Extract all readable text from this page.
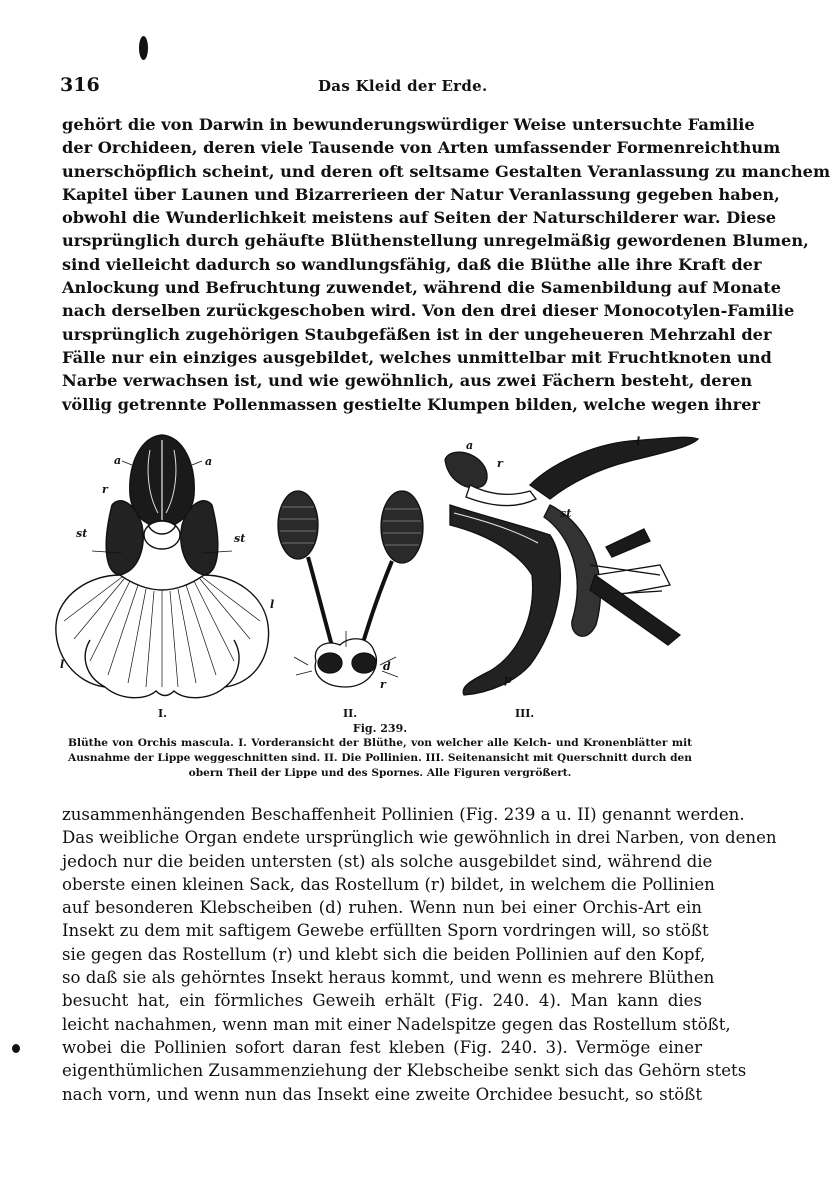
316	Das Kleid der Erde.
gehört die von Darwin in bewunderungswürdiger Weise untersuchte Familie
der Orchideen, deren viele Tausende von Arten umfassender Formenreichthum
unerschöpflich scheint, und deren oft seltsame Gestalten Veranlassung zu manchem
Kapitel über Launen und Bizarrerieen der Natur Veranlassung gegeben haben,
obwohl die Wunderlichkeit meistens auf Seiten der Naturschilderer war. Diese
ursprünglich durch gehäufte Blüthenstellung unregelmäßig gewordenen Blumen,
sind vielleicht dadurch so wandlungsfähig, daß die Blüthe alle ihre Kraft der
Anlockung und Befruchtung zuwendet, während die Samenbildung auf Monate
nach derselben zurückgeschoben wird. Von den drei dieser Monocotylen-Familie
ursprünglich zugehörigen Staubgefäßen ist in der ungeheueren Mehrzahl der
Fälle nur ein einziges ausgebildet, welches unmittelbar mit Fruchtknoten und
Narbe verwachsen ist, und wie gewöhnlich, aus zwei Fächern besteht, deren
völlig getrennte Pollenmassen gestielte Klumpen bilden, welche wegen ihrer
a	a
r
st	st
l
l	d
r
a
r
st
l
p
I.	II.	III.
Fig. 239.
Blüthe von Orchis mascula. I. Vorderansicht der Blüthe, von welcher alle Kelch- und Kronenblätter mit
Ausnahme der Lippe weggeschnitten sind. II. Die Pollinien. III. Seitenansicht mit Querschnitt durch den
obern Theil der Lippe und des Spornes. Alle Figuren vergrößert.
zusammenhängenden Beschaffenheit Pollinien (Fig. 239 a u. II) genannt werden.
Das weibliche Organ endete ursprünglich wie gewöhnlich in drei Narben, von denen
jedoch nur die beiden untersten (st) als solche ausgebildet sind, während die
oberste einen kleinen Sack, das Rostellum (r) bildet, in welchem die Pollinien
auf besonderen Klebscheiben (d) ruhen. Wenn nun bei einer Orchis-Art ein
Insekt zu dem mit saftigem Gewebe erfüllten Sporn vordringen will, so stößt
sie gegen das Rostellum (r) und klebt sich die beiden Pollinien auf den Kopf,
so daß sie als gehörntes Insekt heraus kommt, und wenn es mehrere Blüthen
besucht hat, ein förmliches Geweih erhält (Fig. 240. 4). Man kann dies
leicht nachahmen, wenn man mit einer Nadelspitze gegen das Rostellum stößt,
wobei die Pollinien sofort daran fest kleben (Fig. 240. 3). Vermöge einer
eigenthümlichen Zusammenziehung der Klebscheibe senkt sich das Gehörn stets
nach vorn, und wenn nun das Insekt eine zweite Orchidee besucht, so stößt
